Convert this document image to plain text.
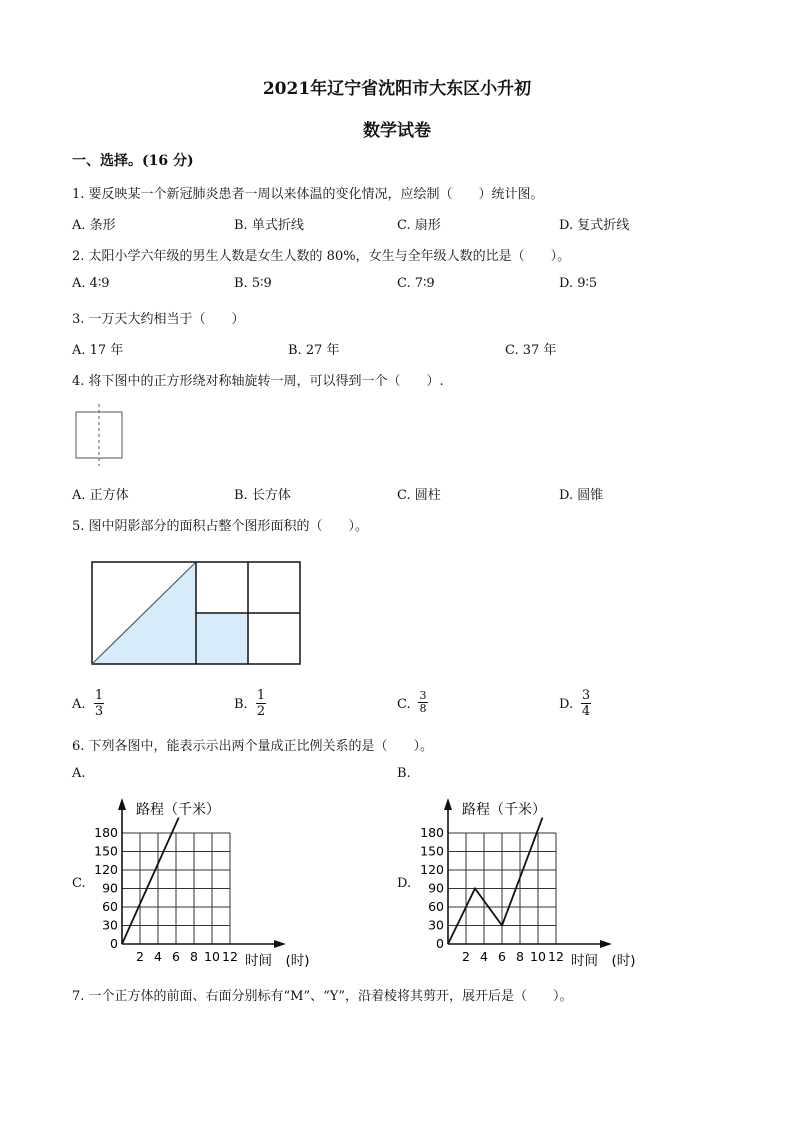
2021年辽宁省沈阳市大东区小升初
数学试卷
一、选择。(16 分)
1. 要反映某一个新冠肺炎患者一周以来体温的变化情况，应绘制（　　）统计图。
A. 条形	B. 单式折线	C. 扇形	D. 复式折线
2. 太阳小学六年级的男生人数是女生人数的 80%，女生与全年级人数的比是（　　）。
A. 4∶9	B. 5∶9	C. 7∶9	D. 9∶5
3. 一万天大约相当于（　　）
A. 17 年	B. 27 年	C. 37 年
4. 将下图中的正方形绕对称轴旋转一周，可以得到一个（　　）.
A. 正方体	B. 长方体	C. 圆柱	D. 圆锥
5. 图中阴影部分的面积占整个图形面积的（　　）。
A. $\frac{1}{3}$	B. $\frac{1}{2}$	C. $\frac{3}{8}$	D. $\frac{3}{4}$
6. 下列各图中，能表示示出两个量成正比例关系的是（　　）。
A.	B.
C.	D.
路程（千米）
180
150
120
90
60
30
0
2 4 6 8 10 12 时间　(时)
路程（千米）
180
150
120
90
60
30
0
2 4 6 8 10 12 时间　(时)
7. 一个正方体的前面、右面分别标有“M”、“Y”，沿着棱将其剪开，展开后是（　　）。
